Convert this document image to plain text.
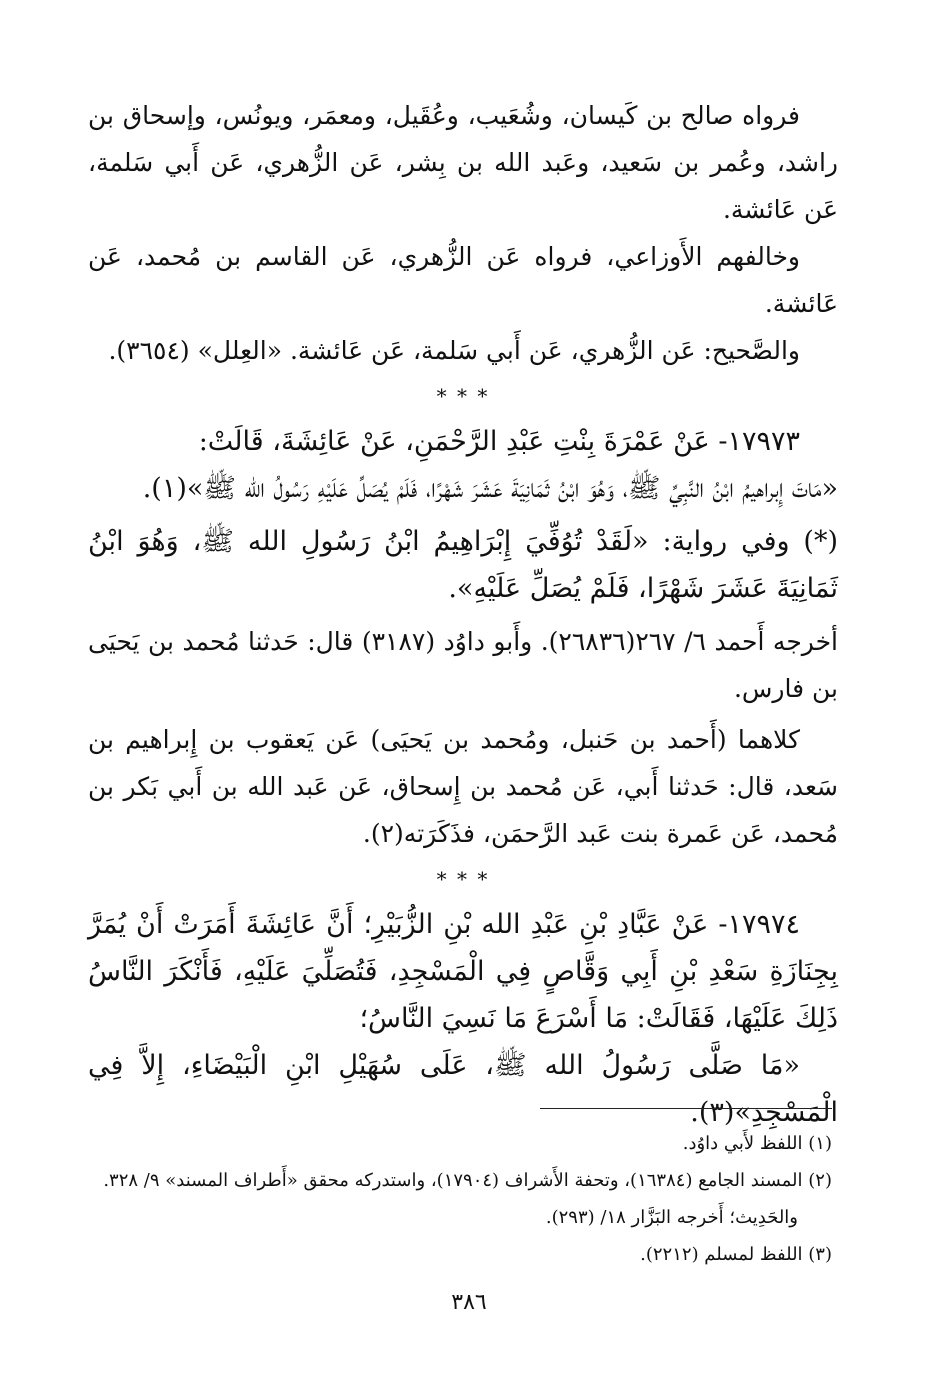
فرواه صالح بن كَيسان، وشُعَيب، وعُقَيل، ومعمَر، ويونُس، وإسحاق بن راشد، وعُمر بن سَعيد، وعَبد الله بن بِشر، عَن الزُّهري، عَن أَبي سَلمة، عَن عَائشة.

وخالفهم الأَوزاعي، فرواه عَن الزُّهري، عَن القاسم بن مُحمد، عَن عَائشة.

والصَّحيح: عَن الزُّهري، عَن أَبي سَلمة، عَن عَائشة. «العِلل» (٣٦٥٤).

* * *

١٧٩٧٣- عَنْ عَمْرَةَ بِنْتِ عَبْدِ الرَّحْمَنِ، عَنْ عَائِشَةَ، قَالَتْ:

«مَاتَ إِبراهيمُ ابْنُ النَّبِيِّ ﷺ، وَهُوَ ابْنُ ثَمَانِيَةَ عَشَرَ شَهْرًا، فَلَمْ يُصَلِّ عَلَيْهِ رَسُولُ الله ﷺ»(١).

(*) وفي رواية: «لَقَدْ تُوُفِّيَ إِبْرَاهِيمُ ابْنُ رَسُولِ الله ﷺ، وَهُوَ ابْنُ ثَمَانِيَةَ عَشَرَ شَهْرًا، فَلَمْ يُصَلِّ عَلَيْهِ».

أخرجه أَحمد ٦/ ٢٦٧(٢٦٨٣٦). وأَبو داوُد (٣١٨٧) قال: حَدثنا مُحمد بن يَحيَى بن فارس.

كلاهما (أَحمد بن حَنبل، ومُحمد بن يَحيَى) عَن يَعقوب بن إِبراهيم بن سَعد، قال: حَدثنا أَبي، عَن مُحمد بن إِسحاق، عَن عَبد الله بن أَبي بَكر بن مُحمد، عَن عَمرة بنت عَبد الرَّحمَن، فذَكَرَته(٢).

* * *

١٧٩٧٤- عَنْ عَبَّادِ بْنِ عَبْدِ الله بْنِ الزُّبَيْرِ؛ أَنَّ عَائِشَةَ أَمَرَتْ أَنْ يُمَرَّ بِجِنَازَةِ سَعْدِ بْنِ أَبِي وَقَّاصٍ فِي الْمَسْجِدِ، فَتُصَلِّيَ عَلَيْهِ، فَأَنْكَرَ النَّاسُ ذَلِكَ عَلَيْهَا، فَقَالَتْ: مَا أَسْرَعَ مَا نَسِيَ النَّاسُ؛

«مَا صَلَّى رَسُولُ الله ﷺ، عَلَى سُهَيْلِ ابْنِ الْبَيْضَاءِ، إِلاَّ فِي الْمَسْجِدِ»(٣).

(١) اللفظ لأَبي داوُد.

(٢) المسند الجامع (١٦٣٨٤)، وتحفة الأَشراف (١٧٩٠٤)، واستدركه محقق «أَطراف المسند» ٩/ ٣٢٨.

والحَدِيث؛ أَخرجه البَزَّار ١٨/ (٢٩٣).

(٣) اللفظ لمسلم (٢٢١٢).

٣٨٦
